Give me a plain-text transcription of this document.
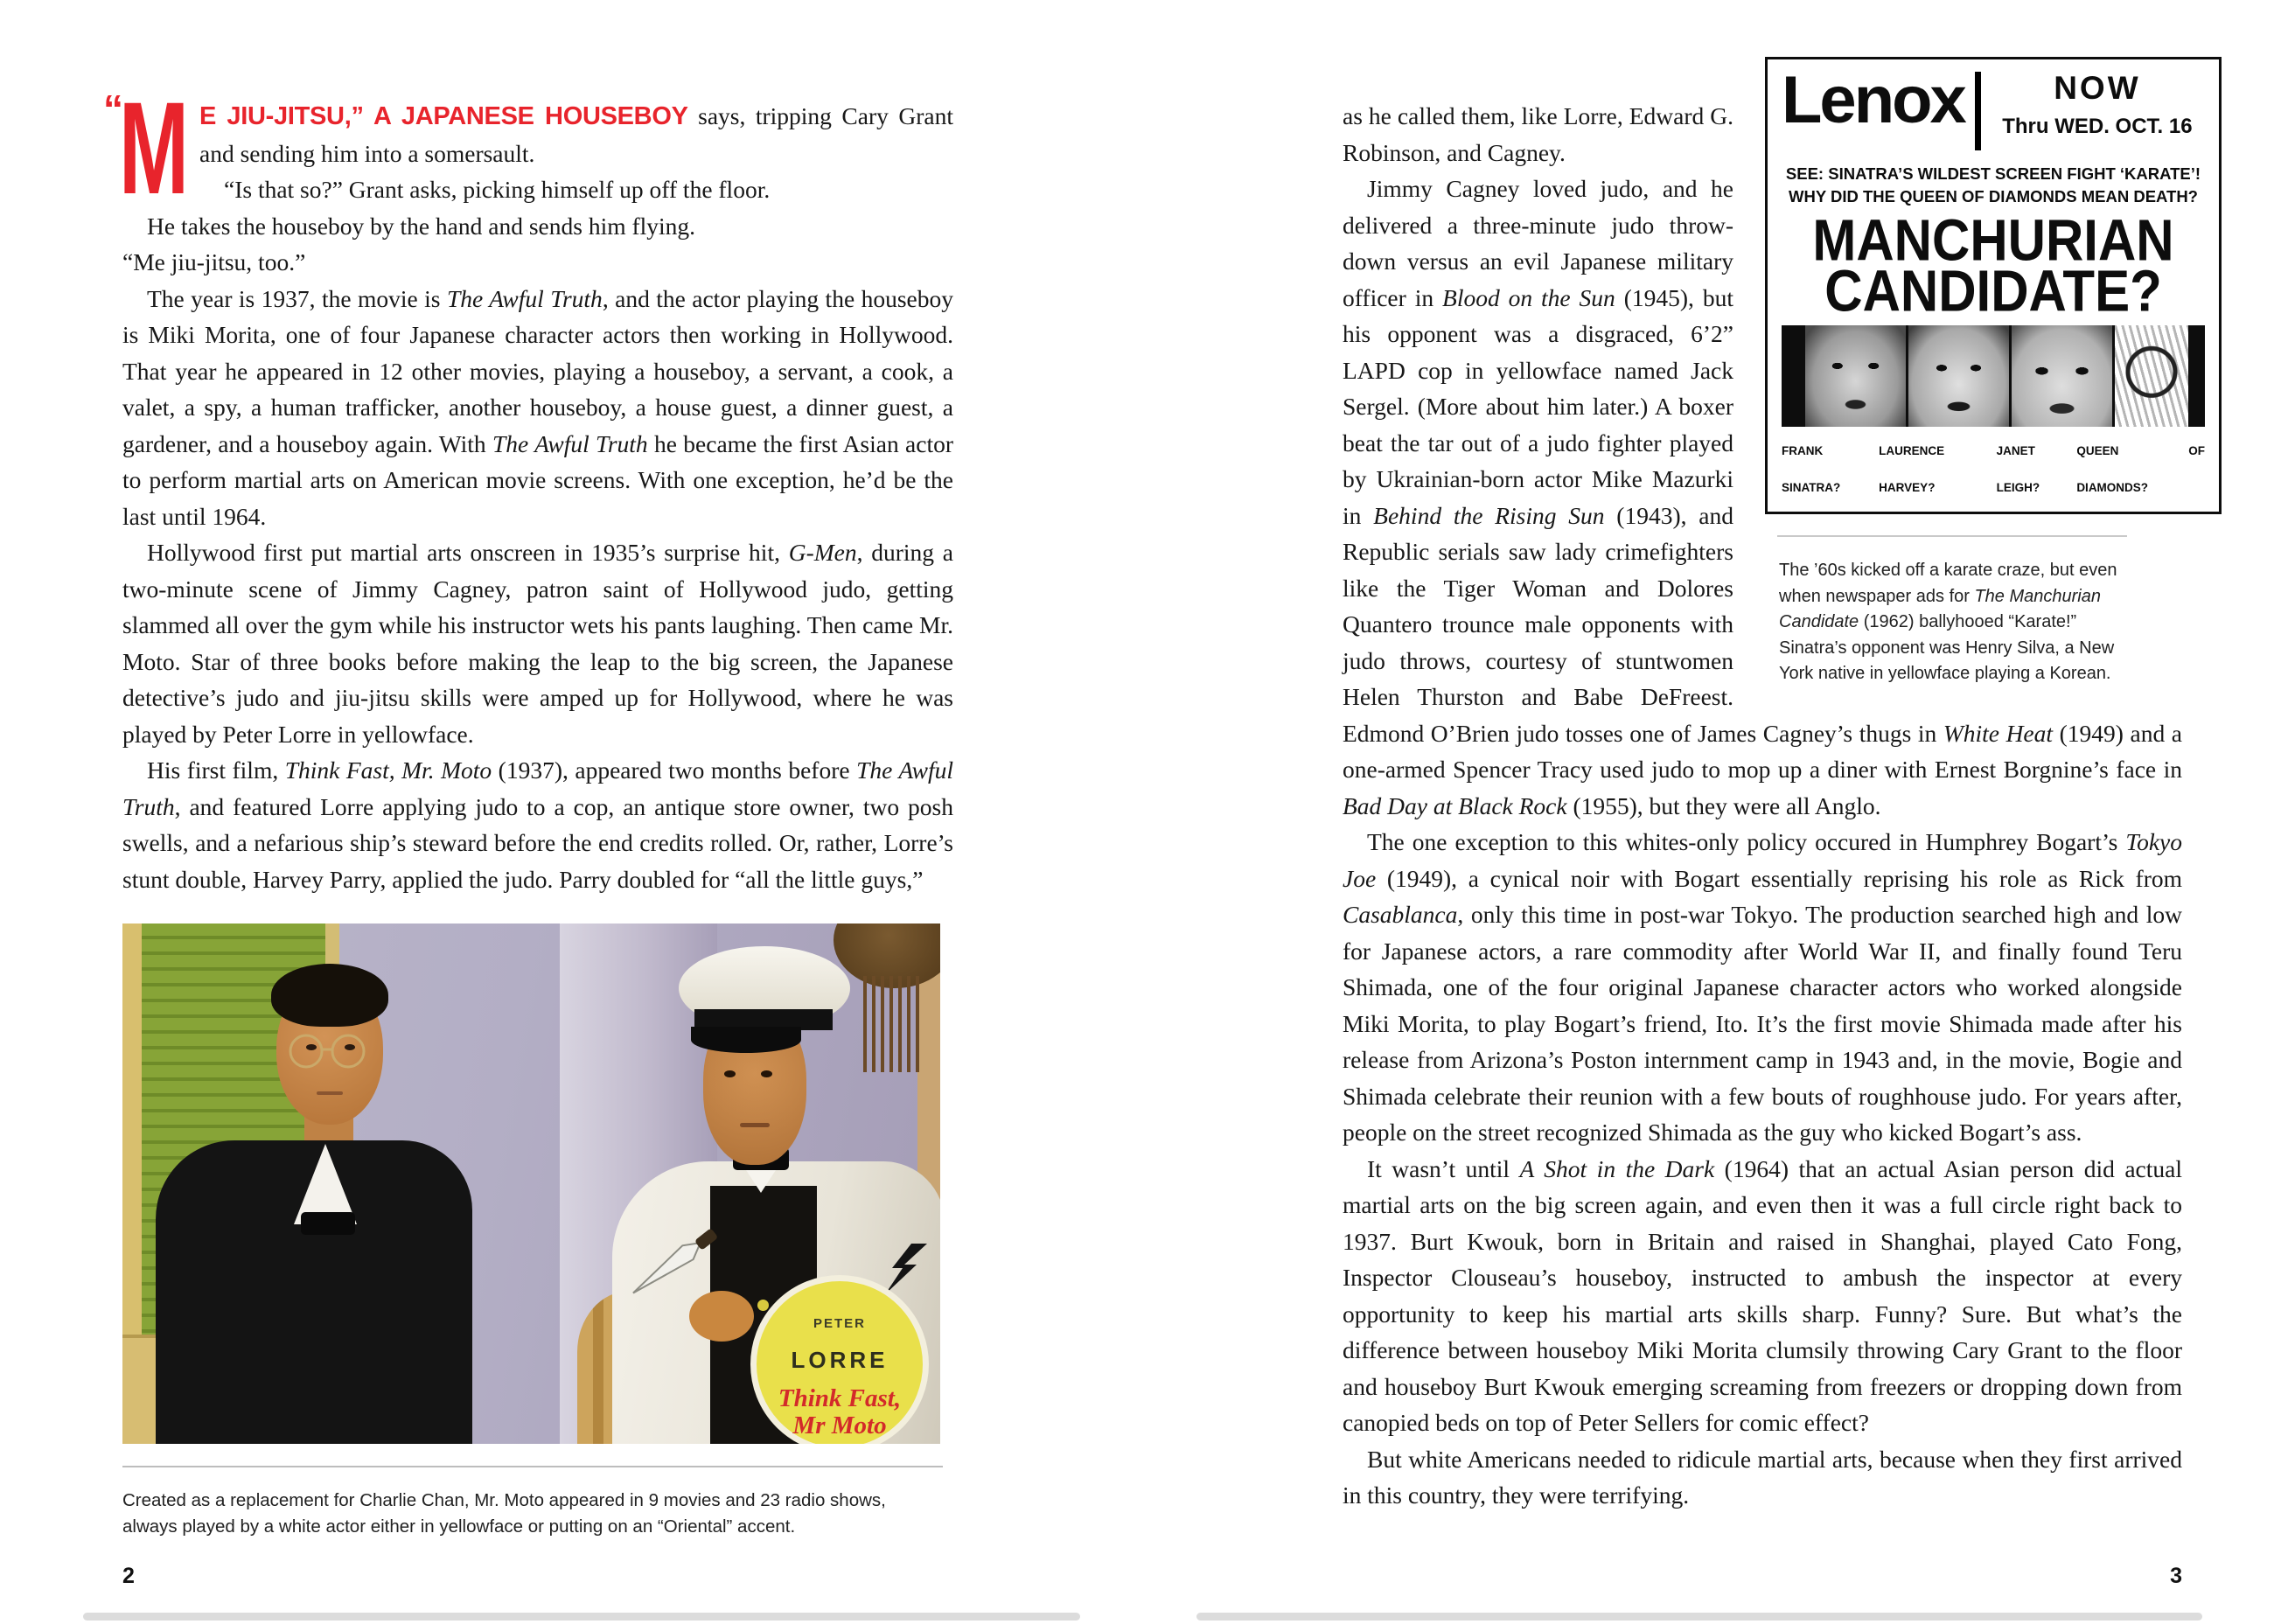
“
M E JIU-JITSU,” A JAPANESE HOUSEBOY says, tripping Cary Grant and sending him into a somersault.

“Is that so?” Grant asks, picking himself up off the floor.

He takes the houseboy by the hand and sends him flying.

“Me jiu-jitsu, too.”

The year is 1937, the movie is The Awful Truth, and the actor playing the houseboy is Miki Morita, one of four Japanese character actors then working in Hollywood. That year he appeared in 12 other movies, playing a houseboy, a servant, a cook, a valet, a spy, a human trafficker, another houseboy, a house guest, a dinner guest, a gardener, and a houseboy again. With The Awful Truth he became the first Asian actor to perform martial arts on American movie screens. With one exception, he’d be the last until 1964.

Hollywood first put martial arts onscreen in 1935’s surprise hit, G-Men, during a two-minute scene of Jimmy Cagney, patron saint of Hollywood judo, getting slammed all over the gym while his instructor wets his pants laughing. Then came Mr. Moto. Star of three books before making the leap to the big screen, the Japanese detective’s judo and jiu-jitsu skills were amped up for Hollywood, where he was played by Peter Lorre in yellowface.

His first film, Think Fast, Mr. Moto (1937), appeared two months before The Awful Truth, and featured Lorre applying judo to a cop, an antique store owner, two posh swells, and a nefarious ship’s steward before the end credits rolled. Or, rather, Lorre’s stunt double, Harvey Parry, applied the judo. Parry doubled for “all the little guys,”

PETER
LORRE
Think Fast,
Mr Moto
Created as a replacement for Charlie Chan, Mr. Moto appeared in 9 movies and 23 radio shows, always played by a white actor either in yellowface or putting on an “Oriental” accent.
2
Lenox	NOW
Thru WED. OCT. 16
SEE: SINATRA’S WILDEST SCREEN FIGHT ‘KARATE’!
WHY DID THE QUEEN OF DIAMONDS MEAN DEATH?
MANCHURIAN
CANDIDATE?
FRANK SINATRA?
LAURENCE HARVEY?
JANET LEIGH?
QUEEN OF DIAMONDS?
The ’60s kicked off a karate craze, but even when newspaper ads for The Manchurian Candidate (1962) ballyhooed “Karate!” Sinatra’s opponent was Henry Silva, a New York native in yellowface playing a Korean.

as he called them, like Lorre, Edward G. Robinson, and Cagney.

Jimmy Cagney loved judo, and he delivered a three-minute judo throw-down versus an evil Japanese military officer in Blood on the Sun (1945), but his opponent was a disgraced, 6’2” LAPD cop in yellowface named Jack Sergel. (More about him later.) A boxer beat the tar out of a judo fighter played by Ukrainian-born actor Mike Mazurki in Behind the Rising Sun (1943), and Republic serials saw lady crimefighters like the Tiger Woman and Dolores Quantero trounce male opponents with judo throws, courtesy of stuntwomen Helen Thurston and Babe DeFreest. Edmond O’Brien judo tosses one of James Cagney’s thugs in White Heat (1949) and a one-armed Spencer Tracy used judo to mop up a diner with Ernest Borgnine’s face in Bad Day at Black Rock (1955), but they were all Anglo.

The one exception to this whites-only policy occured in Humphrey Bogart’s Tokyo Joe (1949), a cynical noir with Bogart essentially reprising his role as Rick from Casablanca, only this time in post-war Tokyo. The production searched high and low for Japanese actors, a rare commodity after World War II, and finally found Teru Shimada, one of the four original Japanese character actors who worked alongside Miki Morita, to play Bogart’s friend, Ito. It’s the first movie Shimada made after his release from Arizona’s Poston internment camp in 1943 and, in the movie, Bogie and Shimada celebrate their reunion with a few bouts of roughhouse judo. For years after, people on the street recognized Shimada as the guy who kicked Bogart’s ass.

It wasn’t until A Shot in the Dark (1964) that an actual Asian person did actual martial arts on the big screen again, and even then it was a full circle right back to 1937. Burt Kwouk, born in Britain and raised in Shanghai, played Cato Fong, Inspector Clouseau’s houseboy, instructed to ambush the inspector at every opportunity to keep his martial arts skills sharp. Funny? Sure. But what’s the difference between houseboy Miki Morita clumsily throwing Cary Grant to the floor and houseboy Burt Kwouk emerging screaming from freezers or dropping down from canopied beds on top of Peter Sellers for comic effect?

But white Americans needed to ridicule martial arts, because when they first arrived in this country, they were terrifying.

3
